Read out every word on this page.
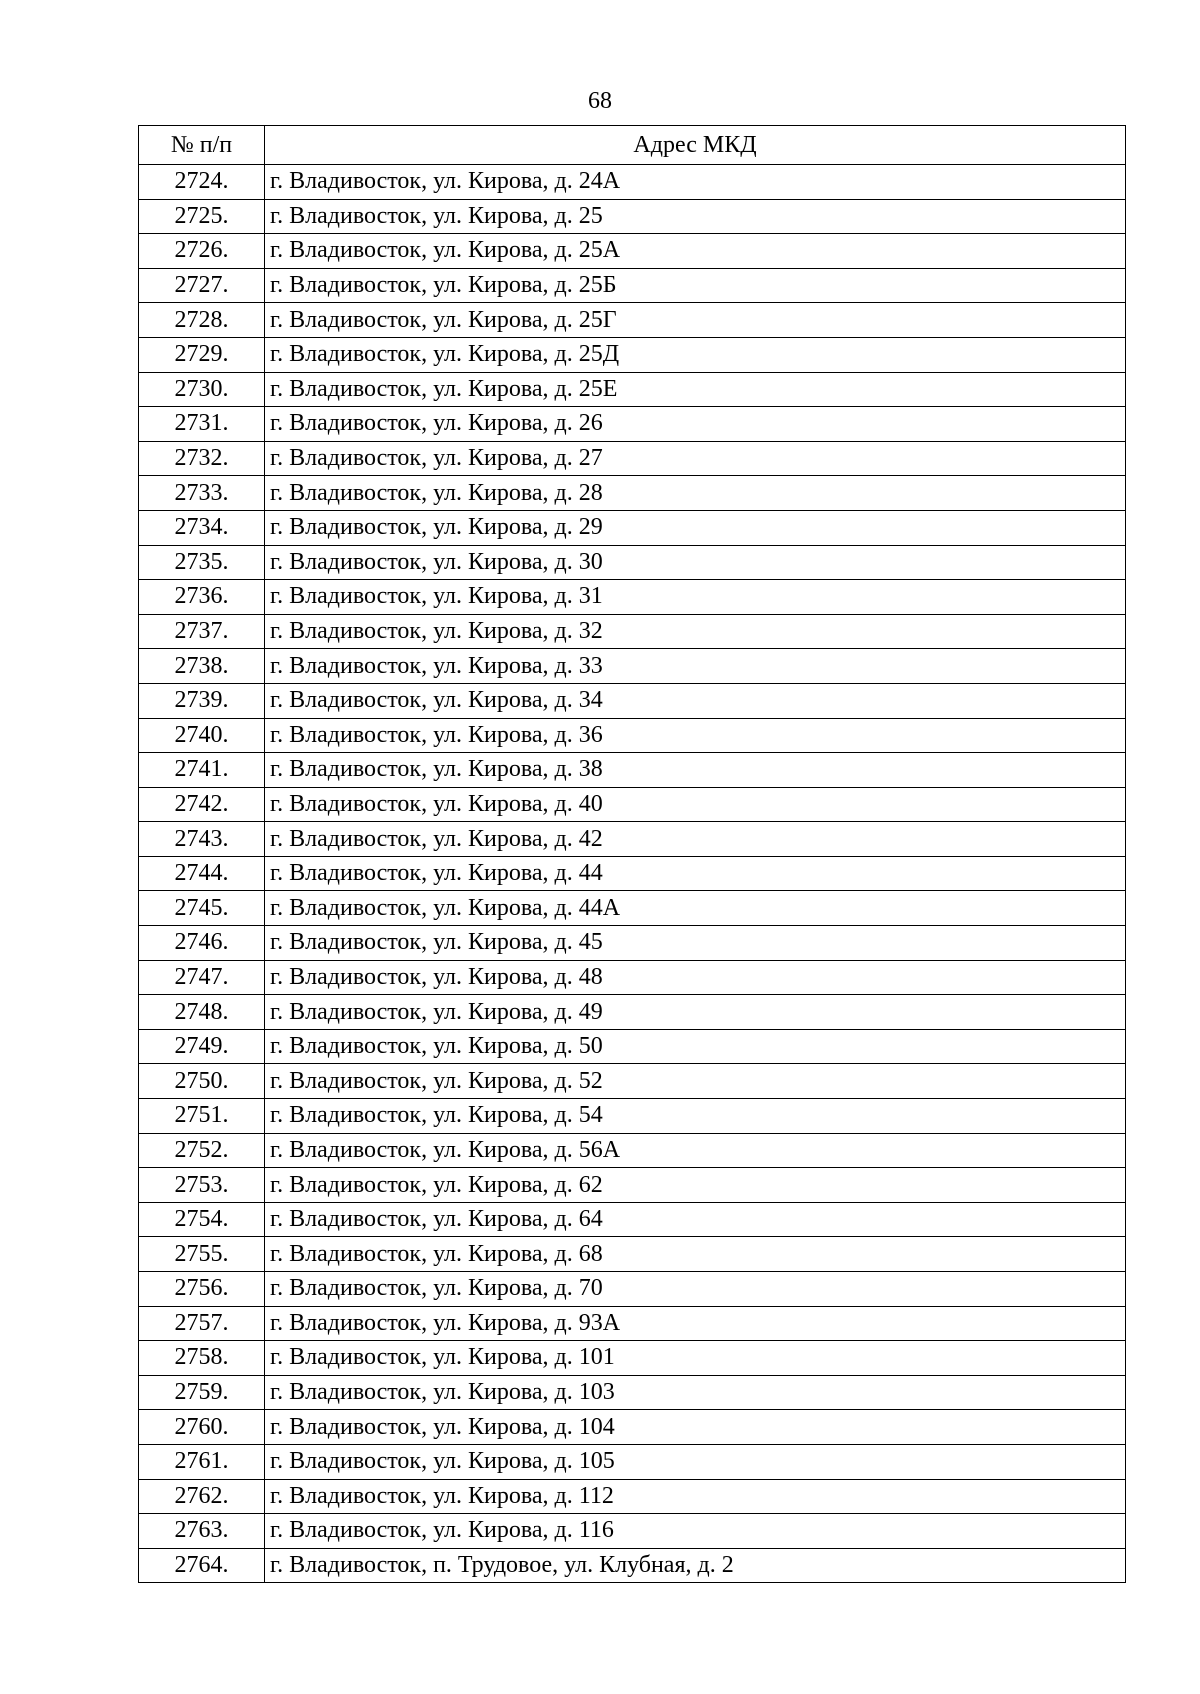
68
№ п/п	Адрес МКД
2724.	г. Владивосток, ул. Кирова, д. 24А
2725.	г. Владивосток, ул. Кирова, д. 25
2726.	г. Владивосток, ул. Кирова, д. 25А
2727.	г. Владивосток, ул. Кирова, д. 25Б
2728.	г. Владивосток, ул. Кирова, д. 25Г
2729.	г. Владивосток, ул. Кирова, д. 25Д
2730.	г. Владивосток, ул. Кирова, д. 25Е
2731.	г. Владивосток, ул. Кирова, д. 26
2732.	г. Владивосток, ул. Кирова, д. 27
2733.	г. Владивосток, ул. Кирова, д. 28
2734.	г. Владивосток, ул. Кирова, д. 29
2735.	г. Владивосток, ул. Кирова, д. 30
2736.	г. Владивосток, ул. Кирова, д. 31
2737.	г. Владивосток, ул. Кирова, д. 32
2738.	г. Владивосток, ул. Кирова, д. 33
2739.	г. Владивосток, ул. Кирова, д. 34
2740.	г. Владивосток, ул. Кирова, д. 36
2741.	г. Владивосток, ул. Кирова, д. 38
2742.	г. Владивосток, ул. Кирова, д. 40
2743.	г. Владивосток, ул. Кирова, д. 42
2744.	г. Владивосток, ул. Кирова, д. 44
2745.	г. Владивосток, ул. Кирова, д. 44А
2746.	г. Владивосток, ул. Кирова, д. 45
2747.	г. Владивосток, ул. Кирова, д. 48
2748.	г. Владивосток, ул. Кирова, д. 49
2749.	г. Владивосток, ул. Кирова, д. 50
2750.	г. Владивосток, ул. Кирова, д. 52
2751.	г. Владивосток, ул. Кирова, д. 54
2752.	г. Владивосток, ул. Кирова, д. 56А
2753.	г. Владивосток, ул. Кирова, д. 62
2754.	г. Владивосток, ул. Кирова, д. 64
2755.	г. Владивосток, ул. Кирова, д. 68
2756.	г. Владивосток, ул. Кирова, д. 70
2757.	г. Владивосток, ул. Кирова, д. 93А
2758.	г. Владивосток, ул. Кирова, д. 101
2759.	г. Владивосток, ул. Кирова, д. 103
2760.	г. Владивосток, ул. Кирова, д. 104
2761.	г. Владивосток, ул. Кирова, д. 105
2762.	г. Владивосток, ул. Кирова, д. 112
2763.	г. Владивосток, ул. Кирова, д. 116
2764.	г. Владивосток, п. Трудовое, ул. Клубная, д. 2
